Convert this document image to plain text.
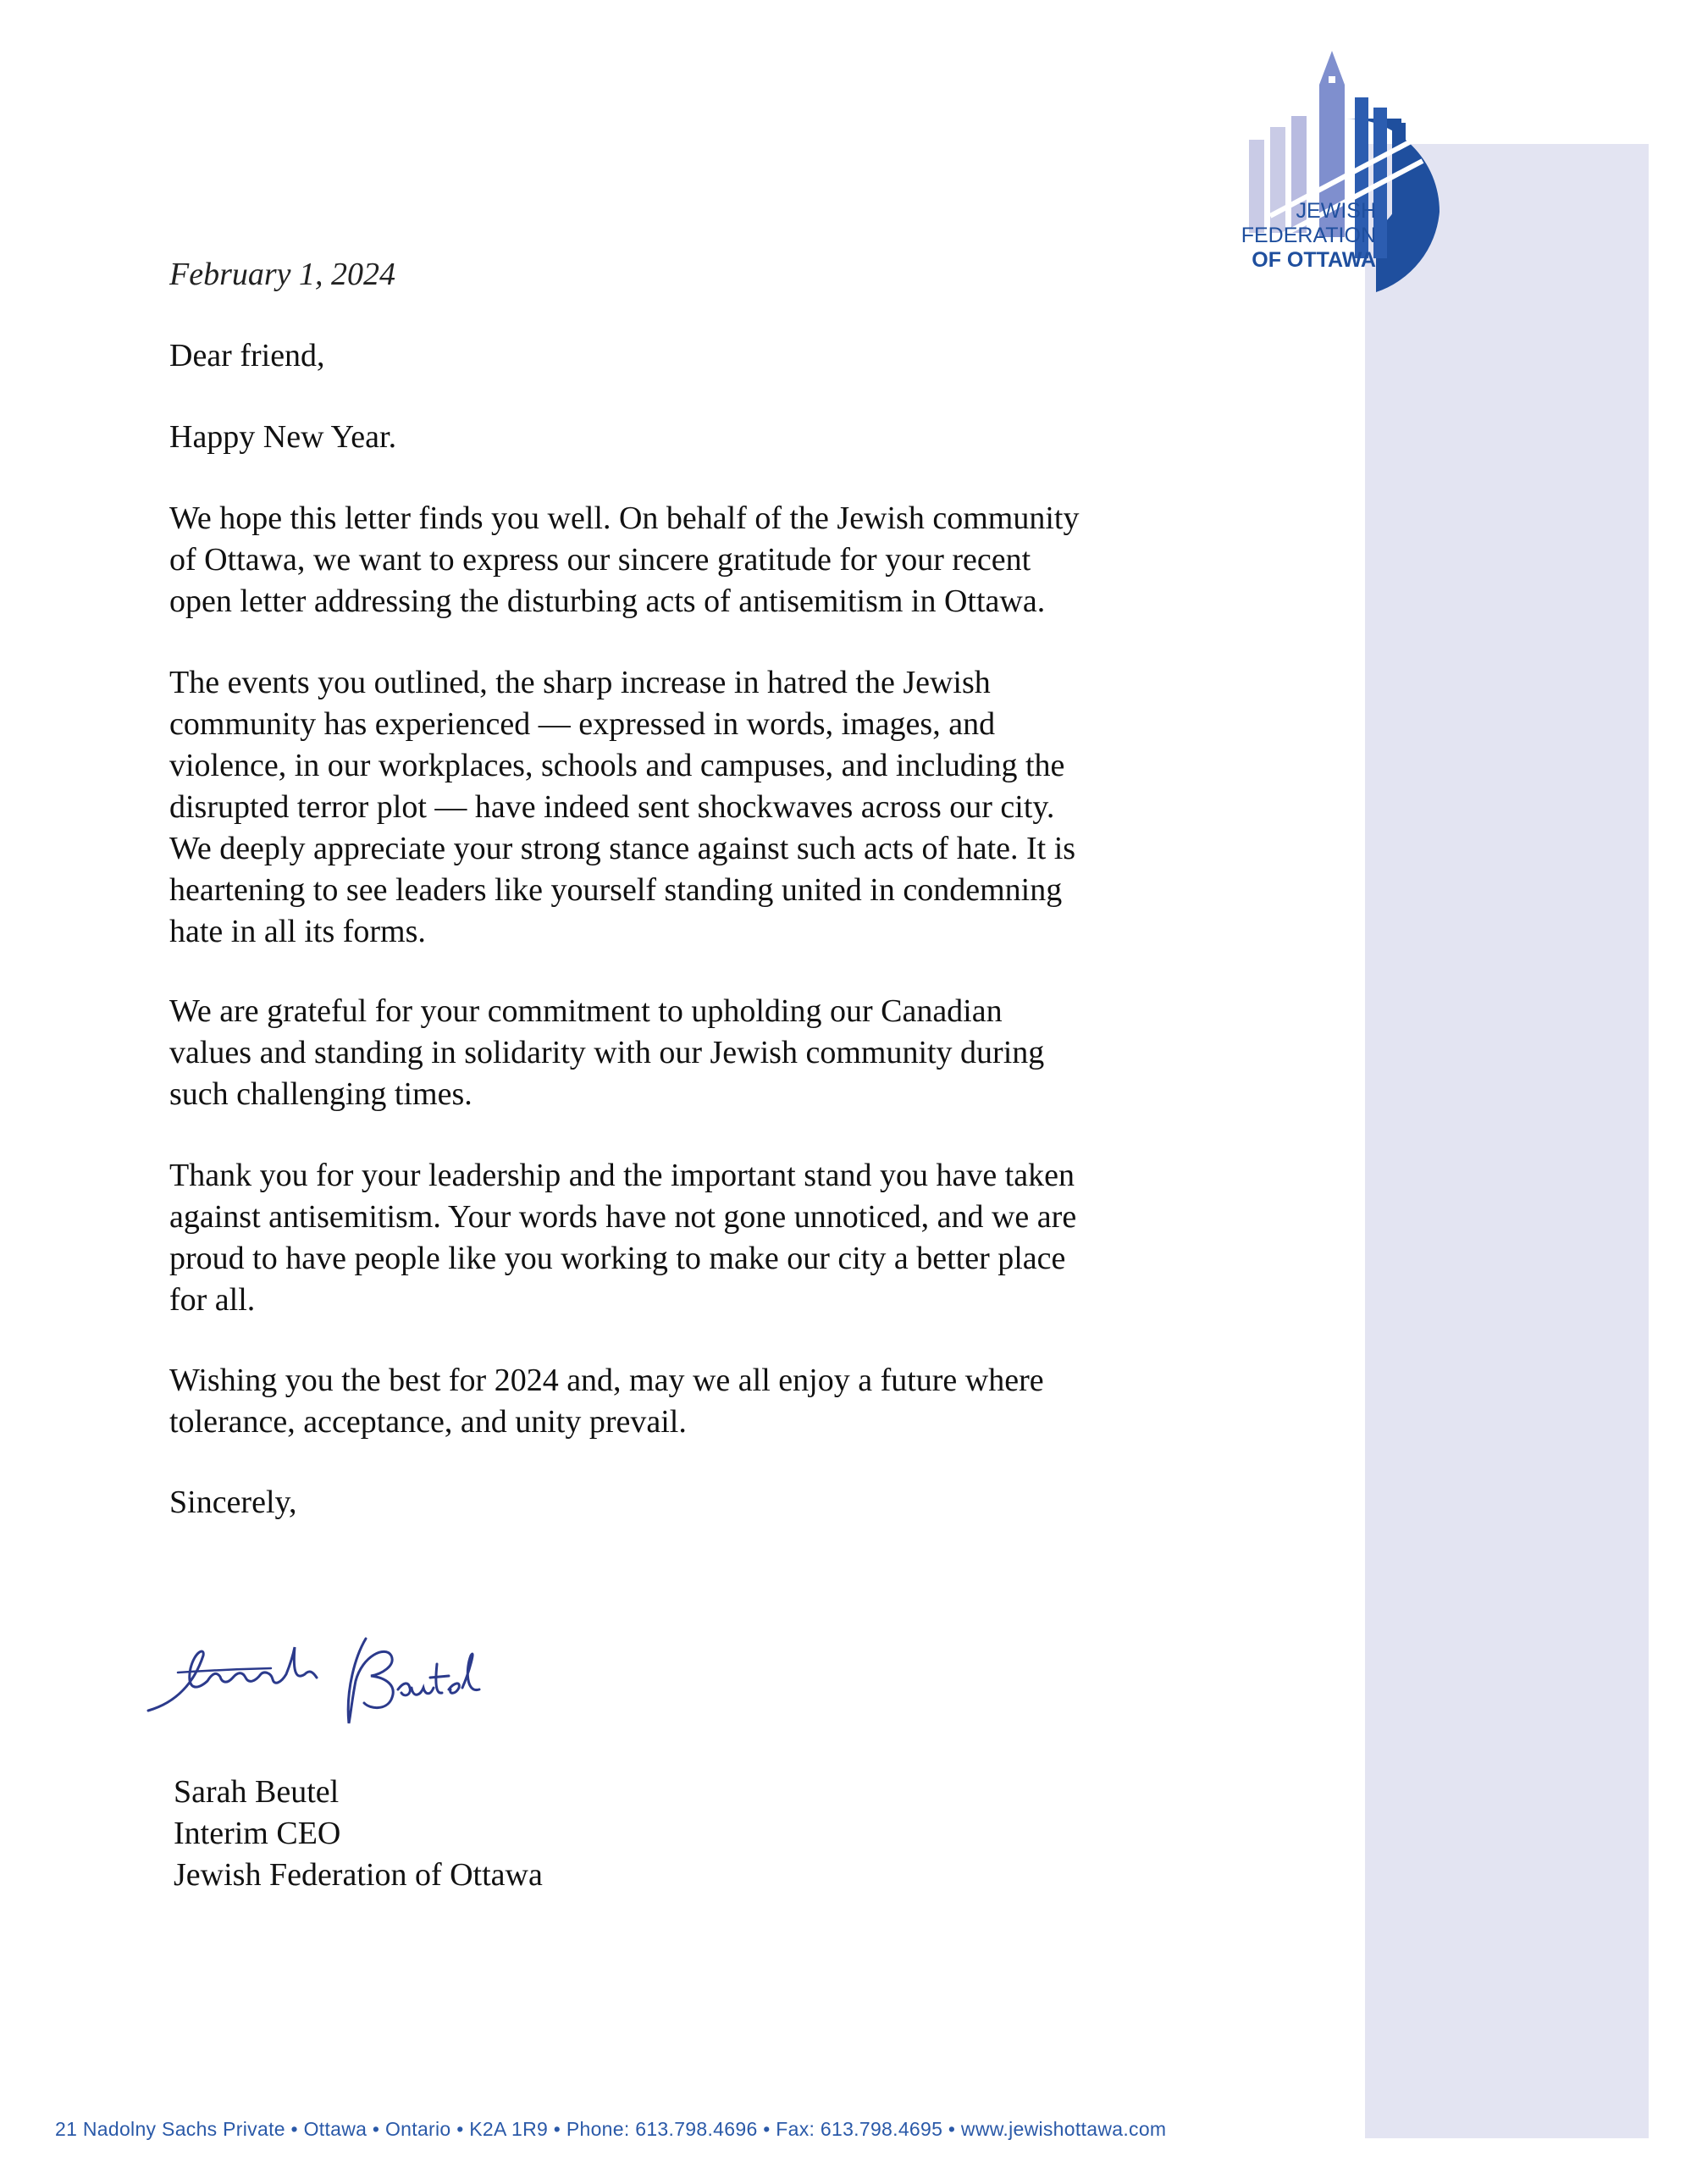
JEWISH
FEDERATION
OF OTTAWA
February 1, 2024
Dear friend,
Happy New Year.
We hope this letter finds you well. On behalf of the Jewish community
of Ottawa, we want to express our sincere gratitude for your recent
open letter addressing the disturbing acts of antisemitism in Ottawa.
The events you outlined, the sharp increase in hatred the Jewish
community has experienced — expressed in words, images, and
violence, in our workplaces, schools and campuses, and including the
disrupted terror plot — have indeed sent shockwaves across our city.
We deeply appreciate your strong stance against such acts of hate. It is
heartening to see leaders like yourself standing united in condemning
hate in all its forms.
We are grateful for your commitment to upholding our Canadian
values and standing in solidarity with our Jewish community during
such challenging times.
Thank you for your leadership and the important stand you have taken
against antisemitism. Your words have not gone unnoticed, and we are
proud to have people like you working to make our city a better place
for all.
Wishing you the best for 2024 and, may we all enjoy a future where
tolerance, acceptance, and unity prevail.
Sincerely,
Sarah Beutel
Interim CEO
Jewish Federation of Ottawa
21 Nadolny Sachs Private • Ottawa • Ontario • K2A 1R9 • Phone: 613.798.4696 • Fax: 613.798.4695 • www.jewishottawa.com
